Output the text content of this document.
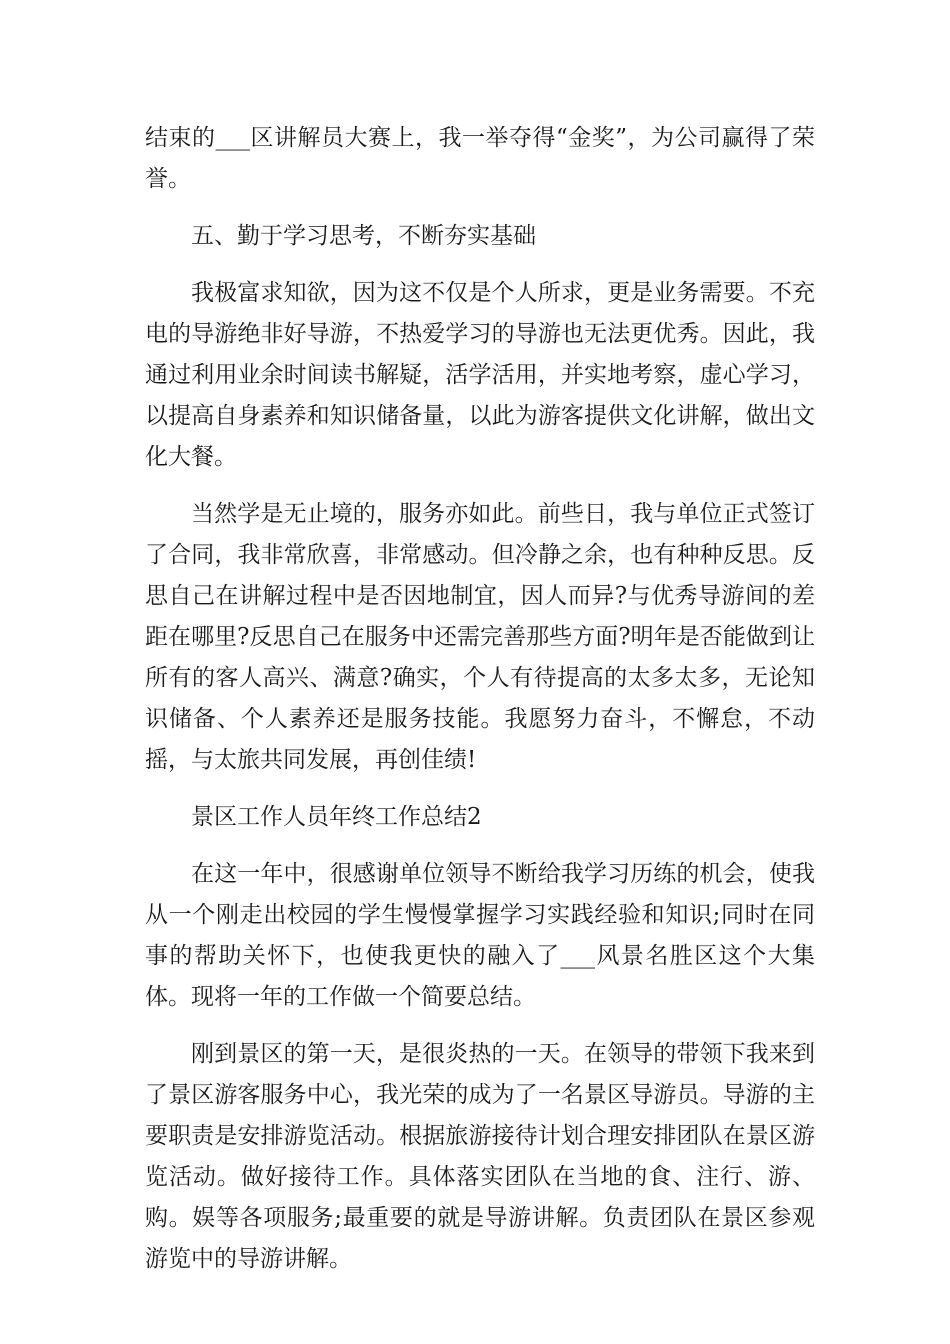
结束的___区讲解员大赛上，我一举夺得“金奖”，为公司赢得了荣誉。

五、勤于学习思考，不断夯实基础

我极富求知欲，因为这不仅是个人所求，更是业务需要。不充电的导游绝非好导游，不热爱学习的导游也无法更优秀。因此，我通过利用业余时间读书解疑，活学活用，并实地考察，虚心学习，以提高自身素养和知识储备量，以此为游客提供文化讲解，做出文化大餐。

当然学是无止境的，服务亦如此。前些日，我与单位正式签订了合同，我非常欣喜，非常感动。但冷静之余，也有种种反思。反思自己在讲解过程中是否因地制宜，因人而异?与优秀导游间的差距在哪里?反思自己在服务中还需完善那些方面?明年是否能做到让所有的客人高兴、满意?确实，个人有待提高的太多太多，无论知识储备、个人素养还是服务技能。我愿努力奋斗，不懈怠，不动摇，与太旅共同发展，再创佳绩!

景区工作人员年终工作总结2

在这一年中，很感谢单位领导不断给我学习历练的机会，使我从一个刚走出校园的学生慢慢掌握学习实践经验和知识;同时在同事的帮助关怀下，也使我更快的融入了___风景名胜区这个大集体。现将一年的工作做一个简要总结。

刚到景区的第一天，是很炎热的一天。在领导的带领下我来到了景区游客服务中心，我光荣的成为了一名景区导游员。导游的主要职责是安排游览活动。根据旅游接待计划合理安排团队在景区游览活动。做好接待工作。具体落实团队在当地的食、注行、游、购。娱等各项服务;最重要的就是导游讲解。负责团队在景区参观游览中的导游讲解。
